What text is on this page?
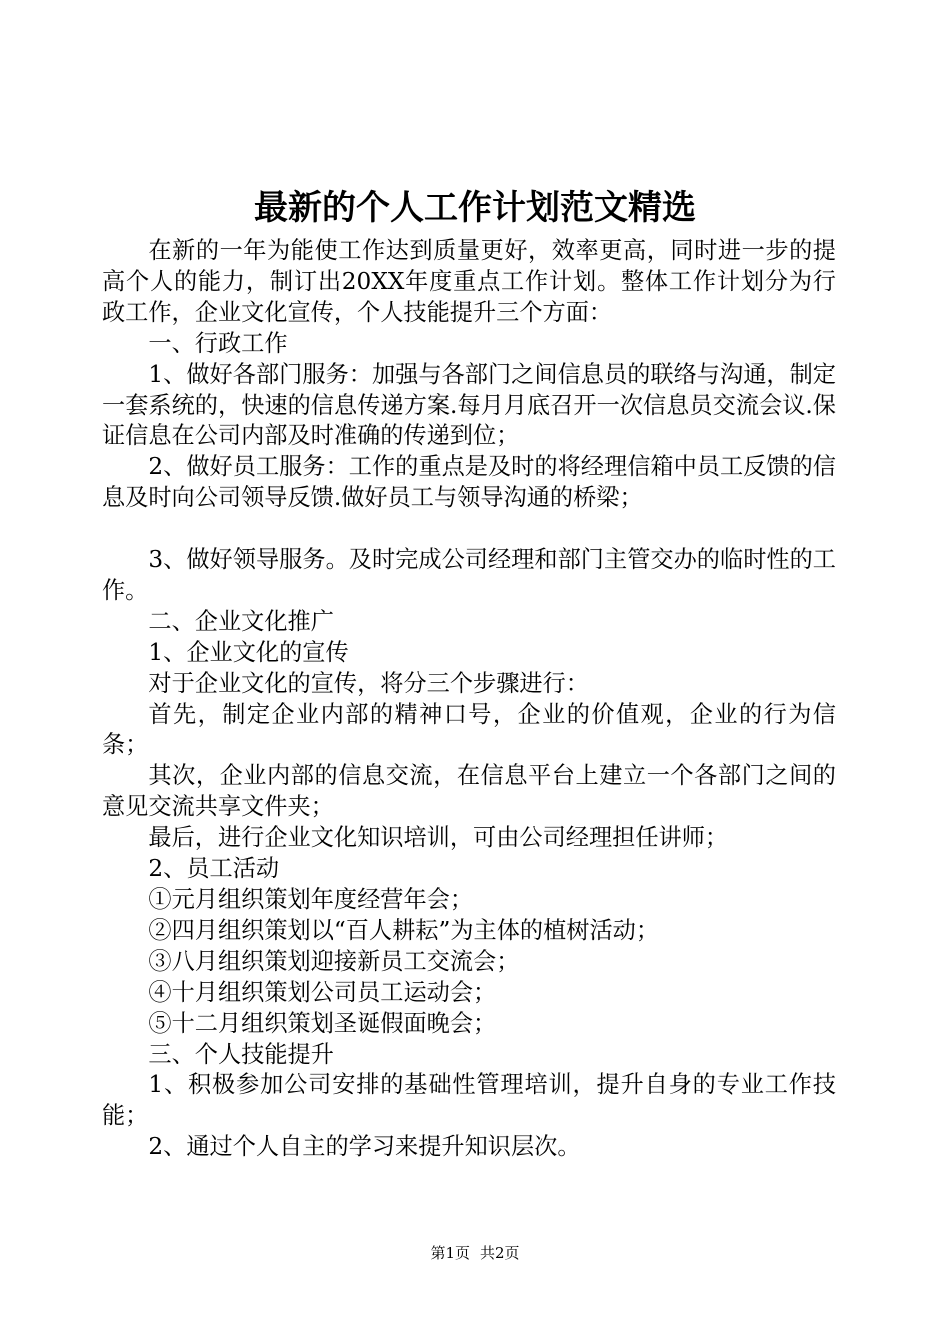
最新的个人工作计划范文精选

在新的一年为能使工作达到质量更好，效率更高，同时进一步的提高个人的能力，制订出20XX年度重点工作计划。整体工作计划分为行政工作，企业文化宣传，个人技能提升三个方面：

一、行政工作

1、做好各部门服务：加强与各部门之间信息员的联络与沟通，制定一套系统的，快速的信息传递方案.每月月底召开一次信息员交流会议.保证信息在公司内部及时准确的传递到位；

2、做好员工服务：工作的重点是及时的将经理信箱中员工反馈的信息及时向公司领导反馈.做好员工与领导沟通的桥梁；

3、做好领导服务。及时完成公司经理和部门主管交办的临时性的工作。

二、企业文化推广

1、企业文化的宣传

对于企业文化的宣传，将分三个步骤进行：

首先，制定企业内部的精神口号，企业的价值观，企业的行为信条；

其次，企业内部的信息交流，在信息平台上建立一个各部门之间的意见交流共享文件夹；

最后，进行企业文化知识培训，可由公司经理担任讲师；

2、员工活动

①元月组织策划年度经营年会；

②四月组织策划以“百人耕耘”为主体的植树活动；

③八月组织策划迎接新员工交流会；

④十月组织策划公司员工运动会；

⑤十二月组织策划圣诞假面晚会；

三、个人技能提升

1、积极参加公司安排的基础性管理培训，提升自身的专业工作技能；

2、通过个人自主的学习来提升知识层次。

第1页 共2页
